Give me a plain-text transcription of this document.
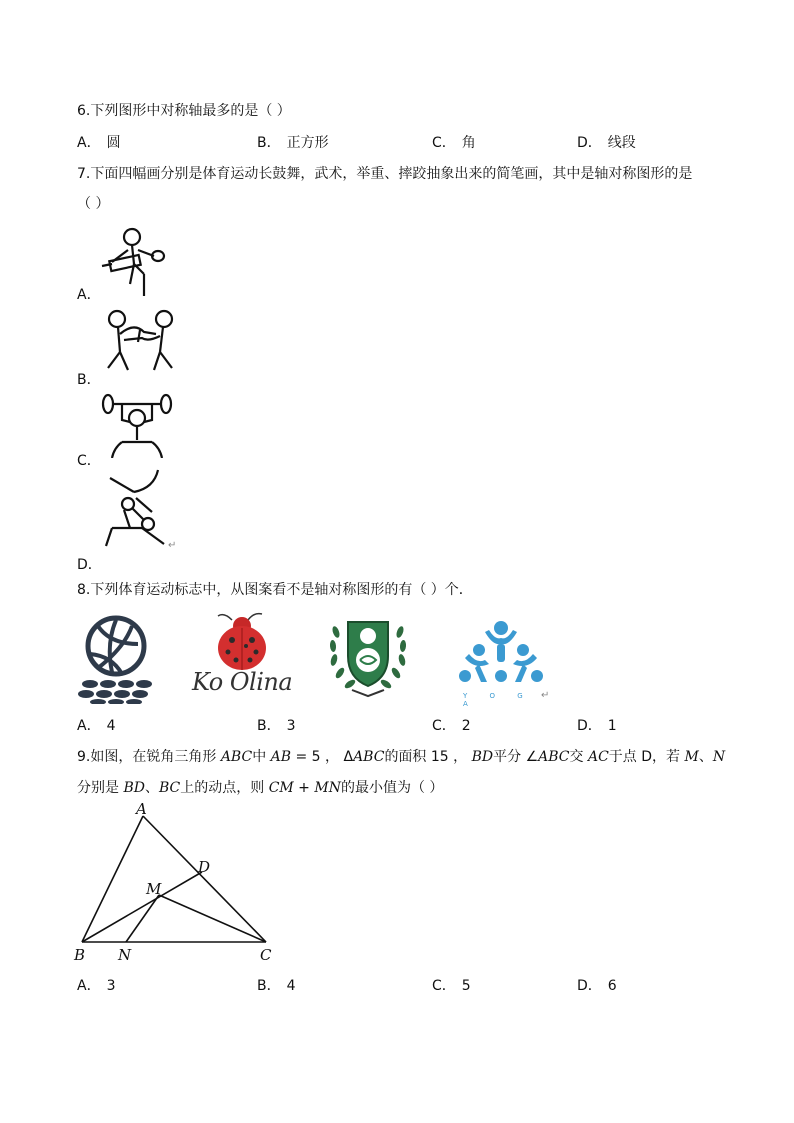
6.下列图形中对称轴最多的是（ ）
A． 圆	B． 正方形	C． 角	D． 线段
7.下面四幅画分别是体育运动长鼓舞，武术，举重、摔跤抽象出来的简笔画，其中是轴对称图形的是
（ ）
A．
B．
C．
↵
D．
8.下列体育运动标志中，从图案看不是轴对称图形的有（ ）个．
Ko Olina	Y O G A
↵
A． 4	B． 3	C． 2	D． 1
9.如图，在锐角三角形 ABC中 AB = 5 ， ΔABC的面积 15 ， BD平分 ∠ABC交 AC于点 D，若 M、N
分别是 BD、BC上的动点，则 CM + MN的最小值为（ ）
A
B	C
D
M
N
A． 3	B． 4	C． 5	D． 6
